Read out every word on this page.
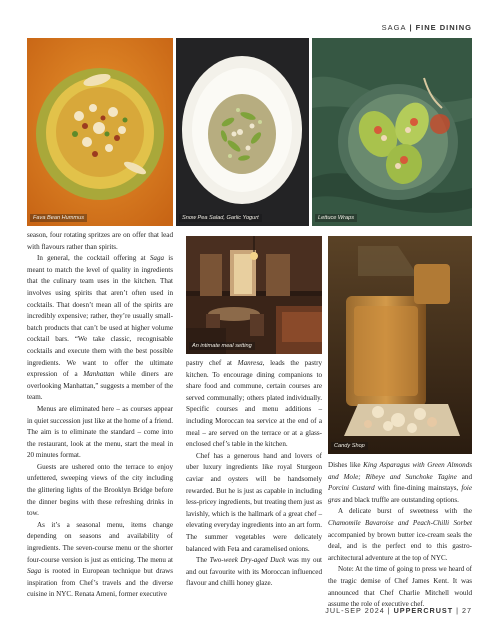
SAGA | FINE DINING
Fava Bean Hummus	Snow Pea Salad, Garlic Yogurt	Lettuce Wraps
An intimate meal setting
Candy Shop

season, four rotating spritzes are on offer that lead with flavours rather than spirits.

In general, the cocktail offering at Saga is meant to match the level of quality in ingredients that the culinary team uses in the kitchen. That involves using spirits that aren’t often used in cocktails. That doesn’t mean all of the spirits are incredibly expensive; rather, they’re usually small-batch products that can’t be used at higher volume cocktail bars. “We take classic, recognisable cocktails and execute them with the best possible ingredients. We want to offer the ultimate expression of a Manhattan while diners are overlooking Manhattan,” suggests a member of the team.

Menus are eliminated here – as courses appear in quiet succession just like at the home of a friend. The aim is to eliminate the standard – come into the restaurant, look at the menu, start the meal in 20 minutes format.

Guests are ushered onto the terrace to enjoy unfettered, sweeping views of the city including the glittering lights of the Brooklyn Bridge before the dinner begins with these refreshing drinks in tow.

As it’s a seasonal menu, items change depending on seasons and availability of ingredients. The seven-course menu or the shorter four-course version is just as enticing. The menu at Saga is rooted in European technique but draws inspiration from Chef’s travels and the diverse cuisine in NYC. Renata Ameni, former executive

pastry chef at Manresa, leads the pastry kitchen. To encourage dining companions to share food and commune, certain courses are served communally; others plated individually. Specific courses and menu additions – including Moroccan tea service at the end of a meal – are served on the terrace or at a glass-enclosed chef’s table in the kitchen.

Chef has a generous hand and lovers of uber luxury ingredients like royal Sturgeon caviar and oysters will be handsomely rewarded. But he is just as capable in including less-pricey ingredients, but treating them just as lavishly, which is the hallmark of a great chef – elevating everyday ingredients into an art form. The summer vegetables were delicately balanced with Feta and caramelised onions.

The Two-week Dry-aged Duck was my out and out favourite with its Moroccan influenced flavour and chilli honey glaze.

Dishes like King Asparagus with Green Almonds and Mole; Ribeye and Sunchoke Tagine and Porcini Custard with fine-dining mainstays, foie gras and black truffle are outstanding options.

A delicate burst of sweetness with the Chamomile Bavaroise and Peach-Chilli Sorbet accompanied by brown butter ice-cream seals the deal, and is the perfect end to this gastro-architectural adventure at the top of NYC.

Note: At the time of going to press we heard of the tragic demise of Chef James Kent. It was announced that Chef Charlie Mitchell would assume the role of executive chef.

JUL-SEP 2024 | UPPERCRUST | 27
